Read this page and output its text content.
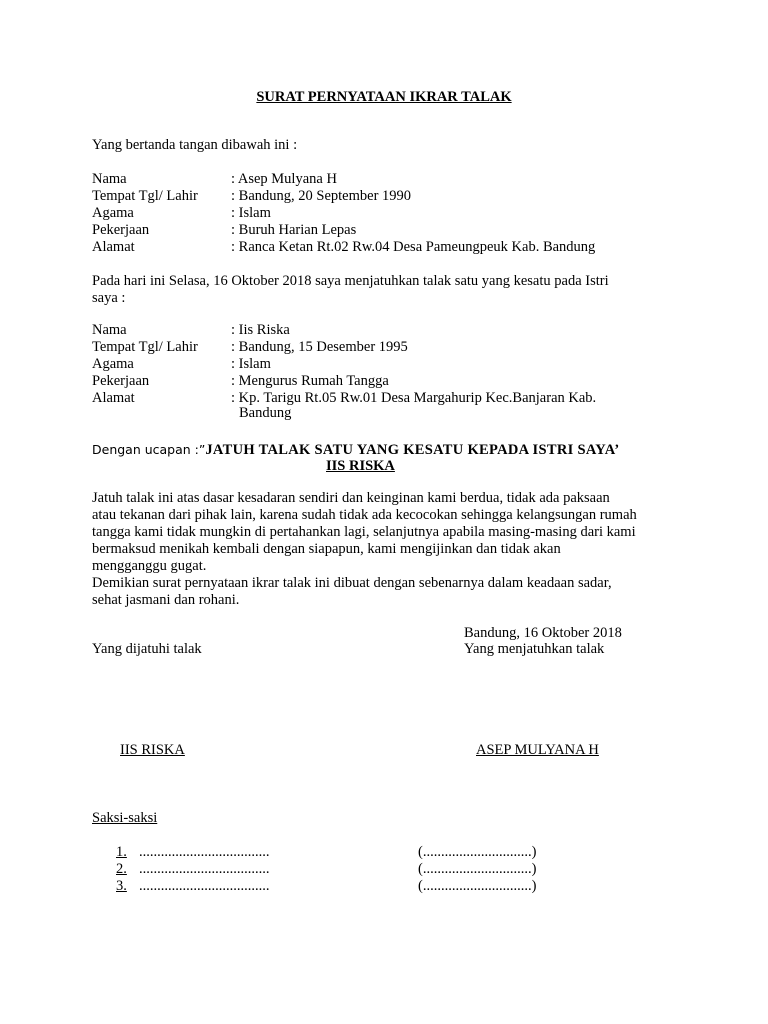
SURAT PERNYATAAN IKRAR TALAK
Yang bertanda tangan dibawah ini :
Nama	: Asep Mulyana H
Tempat Tgl/ Lahir : Bandung, 20 September 1990
Agama	: Islam
Pekerjaan	: Buruh Harian Lepas
Alamat	: Ranca Ketan Rt.02 Rw.04 Desa Pameungpeuk Kab. Bandung
Pada hari ini Selasa, 16 Oktober 2018 saya menjatuhkan talak satu yang kesatu pada Istri
saya :
Nama	: Iis Riska
Tempat Tgl/ Lahir : Bandung, 15 Desember 1995
Agama	: Islam
Pekerjaan	: Mengurus Rumah Tangga
Alamat	: Kp. Tarigu Rt.05 Rw.01 Desa Margahurip Kec.Banjaran Kab.
Bandung
Dengan ucapan :”JATUH TALAK SATU YANG KESATU KEPADA ISTRI SAYA’
IIS RISKA
Jatuh talak ini atas dasar kesadaran sendiri dan keinginan kami berdua, tidak ada paksaan
atau tekanan dari pihak lain, karena sudah tidak ada kecocokan sehingga kelangsungan rumah
tangga kami tidak mungkin di pertahankan lagi, selanjutnya apabila masing-masing dari kami
bermaksud menikah kembali dengan siapapun, kami mengijinkan dan tidak akan
mengganggu gugat.
Demikian surat pernyataan ikrar talak ini dibuat dengan sebenarnya dalam keadaan sadar,
sehat jasmani dan rohani.
Bandung, 16 Oktober 2018
Yang dijatuhi talak	Yang menjatuhkan talak
IIS RISKA	ASEP MULYANA H
Saksi-saksi
1. ....................................	(..............................)
2. ....................................	(..............................)
3. ....................................	(..............................)
